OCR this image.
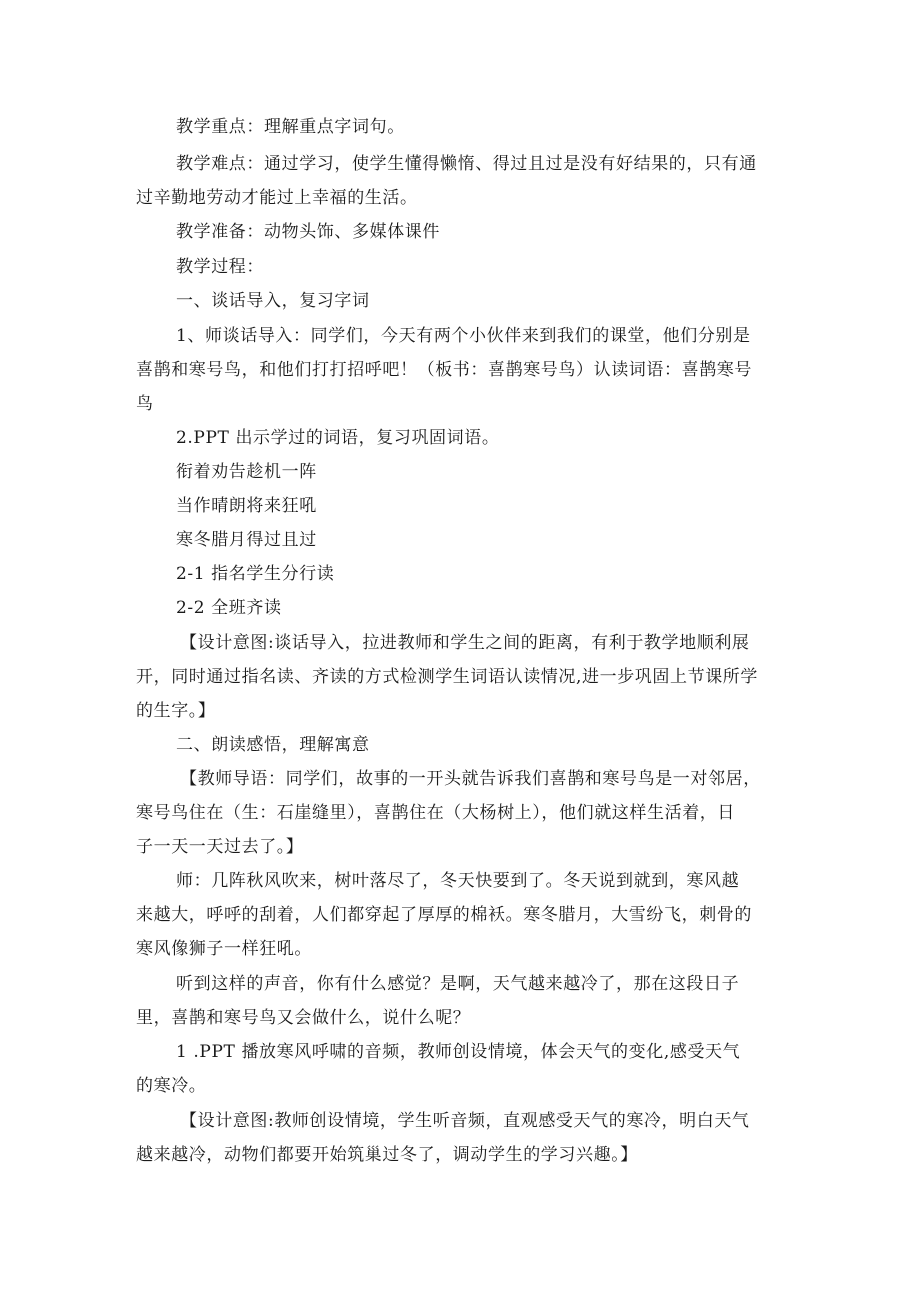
教学重点：理解重点字词句。
教学难点：通过学习，使学生懂得懒惰、得过且过是没有好结果的，只有通
过辛勤地劳动才能过上幸福的生活。
教学准备：动物头饰、多媒体课件
教学过程：
一、谈话导入，复习字词
1、师谈话导入：同学们，今天有两个小伙伴来到我们的课堂，他们分别是
喜鹊和寒号鸟，和他们打打招呼吧！（板书：喜鹊寒号鸟）认读词语：喜鹊寒号
鸟
2.PPT 出示学过的词语，复习巩固词语。
衔着劝告趁机一阵
当作晴朗将来狂吼
寒冬腊月得过且过
2-1 指名学生分行读
2-2 全班齐读
【设计意图:谈话导入，拉进教师和学生之间的距离，有利于教学地顺利展
开，同时通过指名读、齐读的方式检测学生词语认读情况,进一步巩固上节课所学
的生字。】
二、朗读感悟，理解寓意
【教师导语：同学们，故事的一开头就告诉我们喜鹊和寒号鸟是一对邻居，
寒号鸟住在（生：石崖缝里），喜鹊住在（大杨树上），他们就这样生活着，日
子一天一天过去了。】
师：几阵秋风吹来，树叶落尽了，冬天快要到了。冬天说到就到，寒风越
来越大，呼呼的刮着，人们都穿起了厚厚的棉袄。寒冬腊月，大雪纷飞，刺骨的
寒风像狮子一样狂吼。
听到这样的声音，你有什么感觉？是啊，天气越来越冷了，那在这段日子
里，喜鹊和寒号鸟又会做什么，说什么呢？
1 .PPT 播放寒风呼啸的音频，教师创设情境，体会天气的变化,感受天气
的寒冷。
【设计意图:教师创设情境，学生听音频，直观感受天气的寒冷，明白天气
越来越冷，动物们都要开始筑巢过冬了，调动学生的学习兴趣。】
